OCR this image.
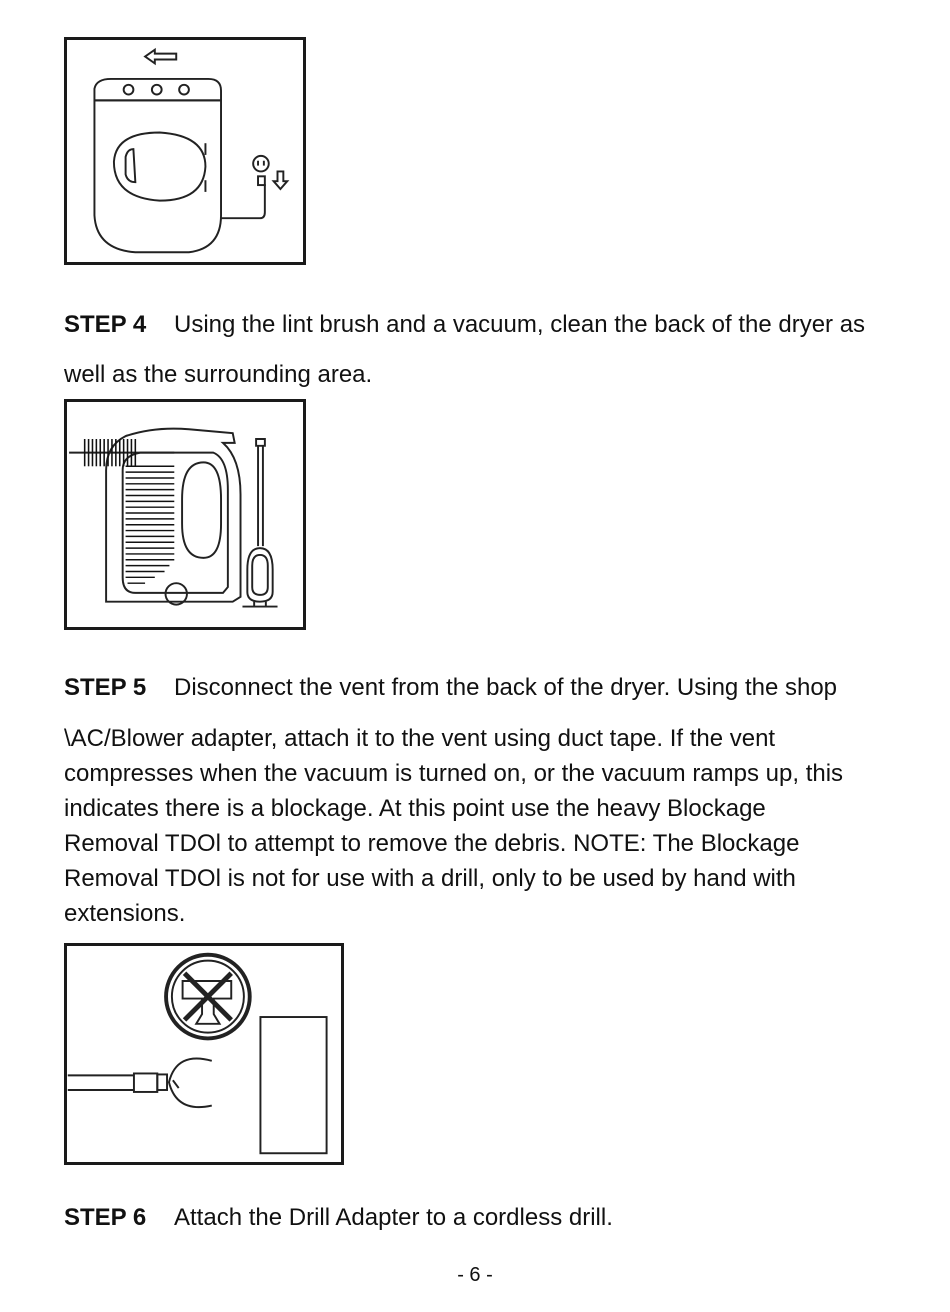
STEP 4 Using the lint brush and a vacuum, clean the back of the dryer as
well as the surrounding area.
STEP 5 Disconnect the vent from the back of the dryer. Using the shop
\AC/Blower adapter, attach it to the vent using duct tape. If the vent
compresses when the vacuum is turned on, or the vacuum ramps up, this
indicates there is a blockage. At this point use the heavy Blockage
Removal TDOl to attempt to remove the debris. NOTE: The Blockage
Removal TDOl is not for use with a drill, only to be used by hand with
extensions.
STEP 6 Attach the Drill Adapter to a cordless drill.
- 6 -
